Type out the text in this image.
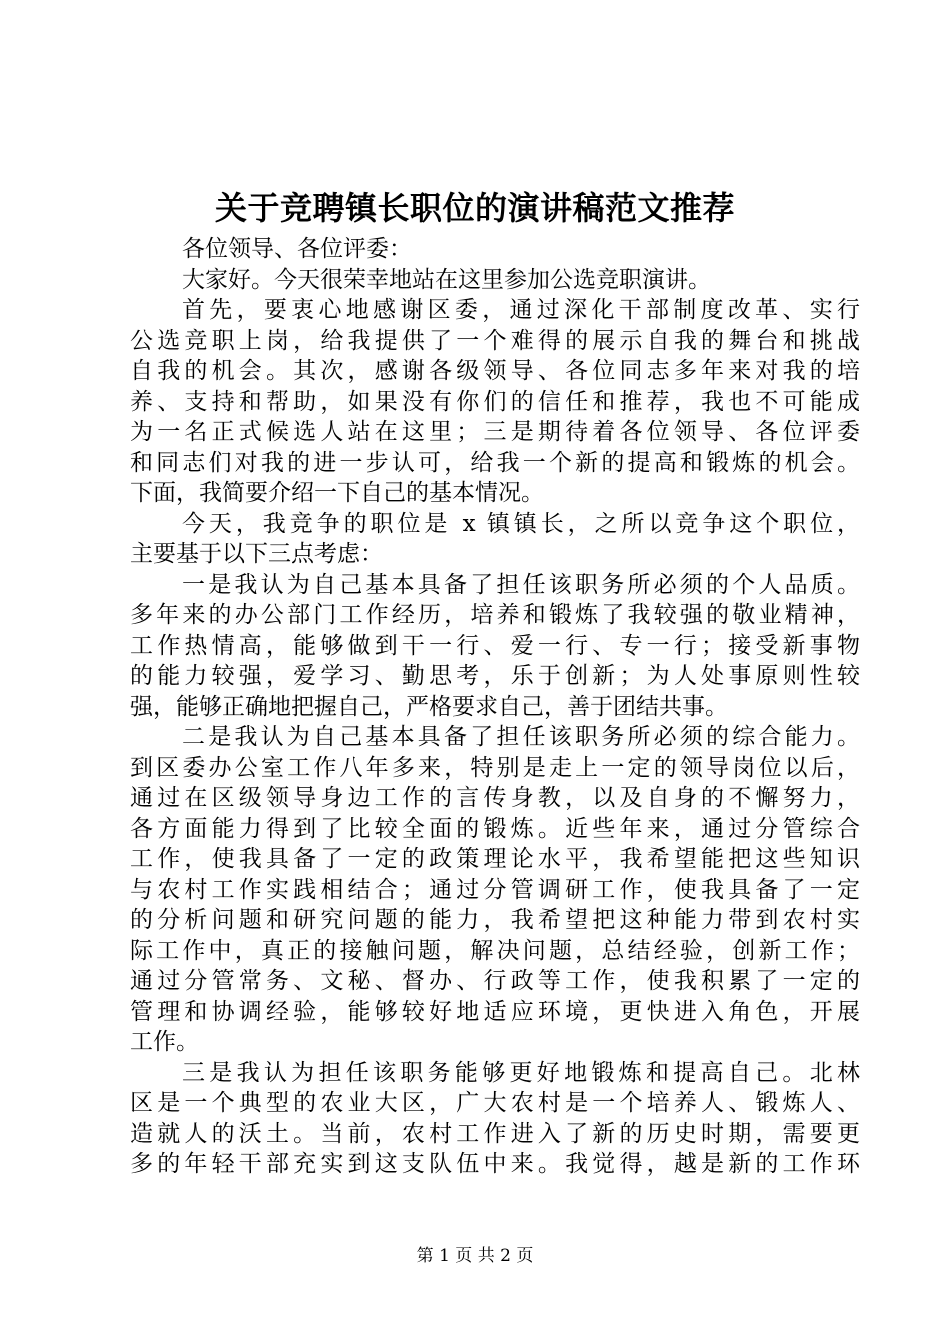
关于竞聘镇长职位的演讲稿范文推荐
各位领导、各位评委：
大家好。今天很荣幸地站在这里参加公选竞职演讲。
首先，要衷心地感谢区委，通过深化干部制度改革、实行
公选竞职上岗，给我提供了一个难得的展示自我的舞台和挑战
自我的机会。其次，感谢各级领导、各位同志多年来对我的培
养、支持和帮助，如果没有你们的信任和推荐，我也不可能成
为一名正式候选人站在这里；三是期待着各位领导、各位评委
和同志们对我的进一步认可，给我一个新的提高和锻炼的机会。
下面，我简要介绍一下自己的基本情况。
今天，我竞争的职位是 x 镇镇长，之所以竞争这个职位，
主要基于以下三点考虑：
一是我认为自己基本具备了担任该职务所必须的个人品质。
多年来的办公部门工作经历，培养和锻炼了我较强的敬业精神，
工作热情高，能够做到干一行、爱一行、专一行；接受新事物
的能力较强，爱学习、勤思考，乐于创新；为人处事原则性较
强，能够正确地把握自己，严格要求自己，善于团结共事。
二是我认为自己基本具备了担任该职务所必须的综合能力。
到区委办公室工作八年多来，特别是走上一定的领导岗位以后，
通过在区级领导身边工作的言传身教，以及自身的不懈努力，
各方面能力得到了比较全面的锻炼。近些年来，通过分管综合
工作，使我具备了一定的政策理论水平，我希望能把这些知识
与农村工作实践相结合；通过分管调研工作，使我具备了一定
的分析问题和研究问题的能力，我希望把这种能力带到农村实
际工作中，真正的接触问题，解决问题，总结经验，创新工作；
通过分管常务、文秘、督办、行政等工作，使我积累了一定的
管理和协调经验，能够较好地适应环境，更快进入角色，开展
工作。
三是我认为担任该职务能够更好地锻炼和提高自己。北林
区是一个典型的农业大区，广大农村是一个培养人、锻炼人、
造就人的沃土。当前，农村工作进入了新的历史时期，需要更
多的年轻干部充实到这支队伍中来。我觉得，越是新的工作环
第 1 页 共 2 页
